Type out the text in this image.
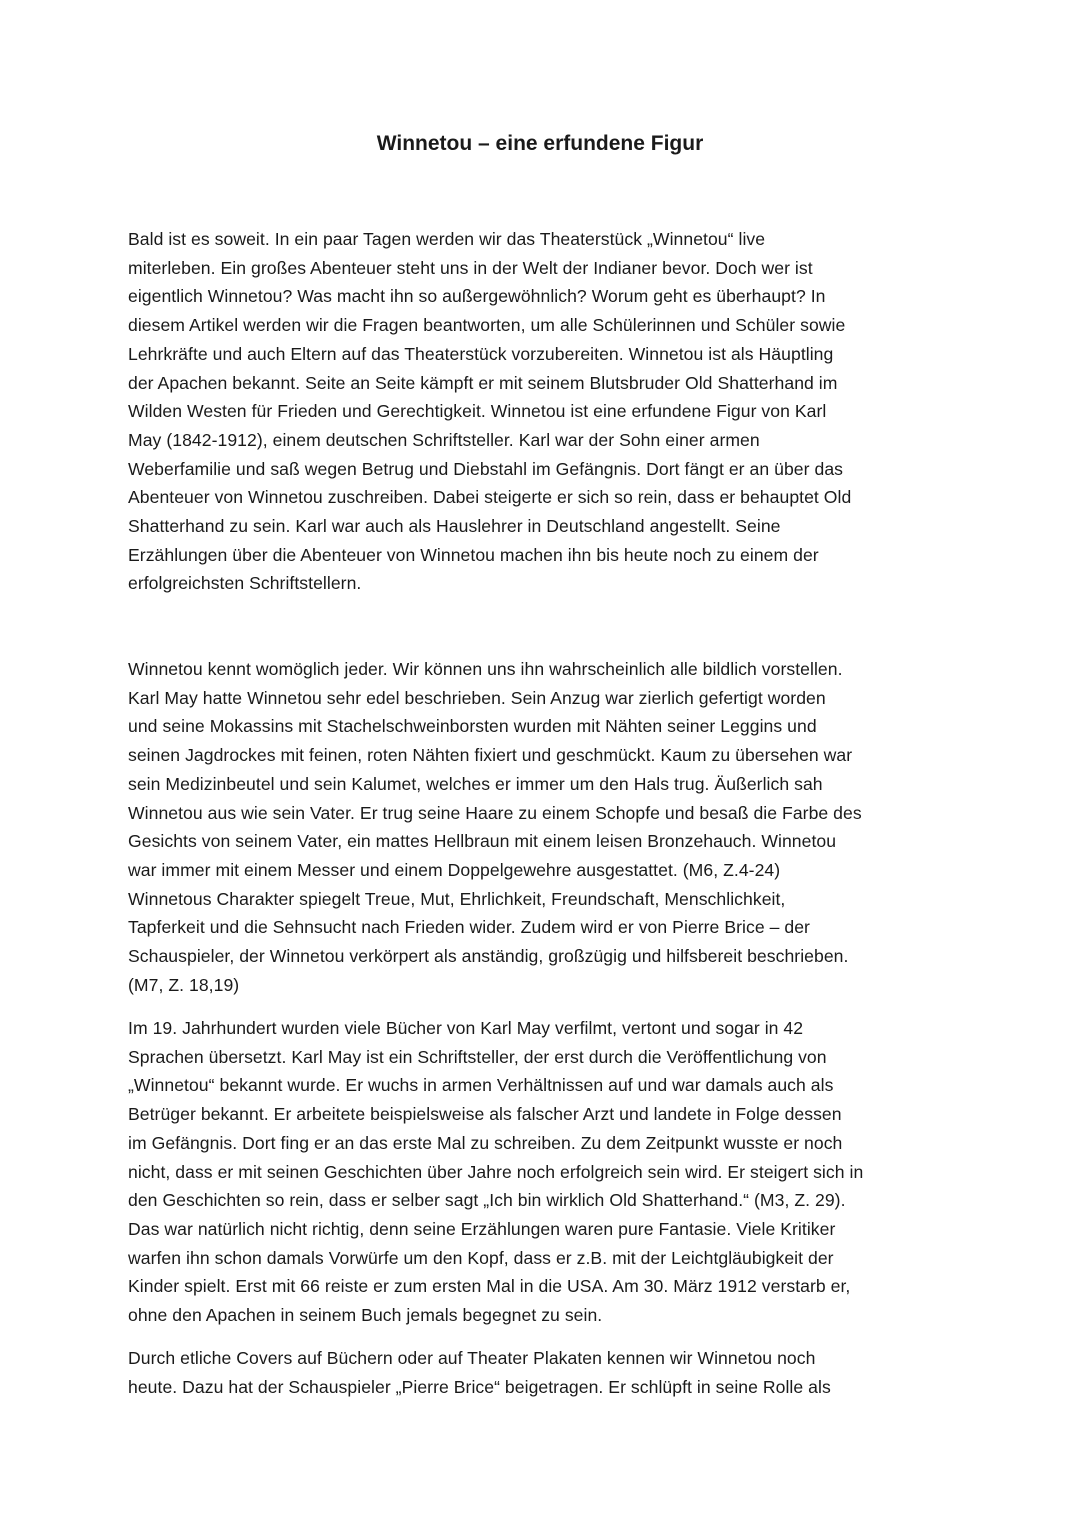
Winnetou – eine erfundene Figur

Bald ist es soweit. In ein paar Tagen werden wir das Theaterstück „Winnetou“ live
miterleben. Ein großes Abenteuer steht uns in der Welt der Indianer bevor. Doch wer ist
eigentlich Winnetou? Was macht ihn so außergewöhnlich? Worum geht es überhaupt? In
diesem Artikel werden wir die Fragen beantworten, um alle Schülerinnen und Schüler sowie
Lehrkräfte und auch Eltern auf das Theaterstück vorzubereiten. Winnetou ist als Häuptling
der Apachen bekannt. Seite an Seite kämpft er mit seinem Blutsbruder Old Shatterhand im
Wilden Westen für Frieden und Gerechtigkeit. Winnetou ist eine erfundene Figur von Karl
May (1842-1912), einem deutschen Schriftsteller. Karl war der Sohn einer armen
Weberfamilie und saß wegen Betrug und Diebstahl im Gefängnis. Dort fängt er an über das
Abenteuer von Winnetou zuschreiben. Dabei steigerte er sich so rein, dass er behauptet Old
Shatterhand zu sein. Karl war auch als Hauslehrer in Deutschland angestellt. Seine
Erzählungen über die Abenteuer von Winnetou machen ihn bis heute noch zu einem der
erfolgreichsten Schriftstellern.

Winnetou kennt womöglich jeder. Wir können uns ihn wahrscheinlich alle bildlich vorstellen.
Karl May hatte Winnetou sehr edel beschrieben. Sein Anzug war zierlich gefertigt worden
und seine Mokassins mit Stachelschweinborsten wurden mit Nähten seiner Leggins und
seinen Jagdrockes mit feinen, roten Nähten fixiert und geschmückt. Kaum zu übersehen war
sein Medizinbeutel und sein Kalumet, welches er immer um den Hals trug. Äußerlich sah
Winnetou aus wie sein Vater. Er trug seine Haare zu einem Schopfe und besaß die Farbe des
Gesichts von seinem Vater, ein mattes Hellbraun mit einem leisen Bronzehauch. Winnetou
war immer mit einem Messer und einem Doppelgewehre ausgestattet. (M6, Z.4-24)
Winnetous Charakter spiegelt Treue, Mut, Ehrlichkeit, Freundschaft, Menschlichkeit,
Tapferkeit und die Sehnsucht nach Frieden wider. Zudem wird er von Pierre Brice – der
Schauspieler, der Winnetou verkörpert als anständig, großzügig und hilfsbereit beschrieben.
(M7, Z. 18,19)

Im 19. Jahrhundert wurden viele Bücher von Karl May verfilmt, vertont und sogar in 42
Sprachen übersetzt. Karl May ist ein Schriftsteller, der erst durch die Veröffentlichung von
„Winnetou“ bekannt wurde. Er wuchs in armen Verhältnissen auf und war damals auch als
Betrüger bekannt. Er arbeitete beispielsweise als falscher Arzt und landete in Folge dessen
im Gefängnis. Dort fing er an das erste Mal zu schreiben. Zu dem Zeitpunkt wusste er noch
nicht, dass er mit seinen Geschichten über Jahre noch erfolgreich sein wird. Er steigert sich in
den Geschichten so rein, dass er selber sagt „Ich bin wirklich Old Shatterhand.“ (M3, Z. 29).
Das war natürlich nicht richtig, denn seine Erzählungen waren pure Fantasie. Viele Kritiker
warfen ihn schon damals Vorwürfe um den Kopf, dass er z.B. mit der Leichtgläubigkeit der
Kinder spielt. Erst mit 66 reiste er zum ersten Mal in die USA. Am 30. März 1912 verstarb er,
ohne den Apachen in seinem Buch jemals begegnet zu sein.

Durch etliche Covers auf Büchern oder auf Theater Plakaten kennen wir Winnetou noch
heute. Dazu hat der Schauspieler „Pierre Brice“ beigetragen. Er schlüpft in seine Rolle als
